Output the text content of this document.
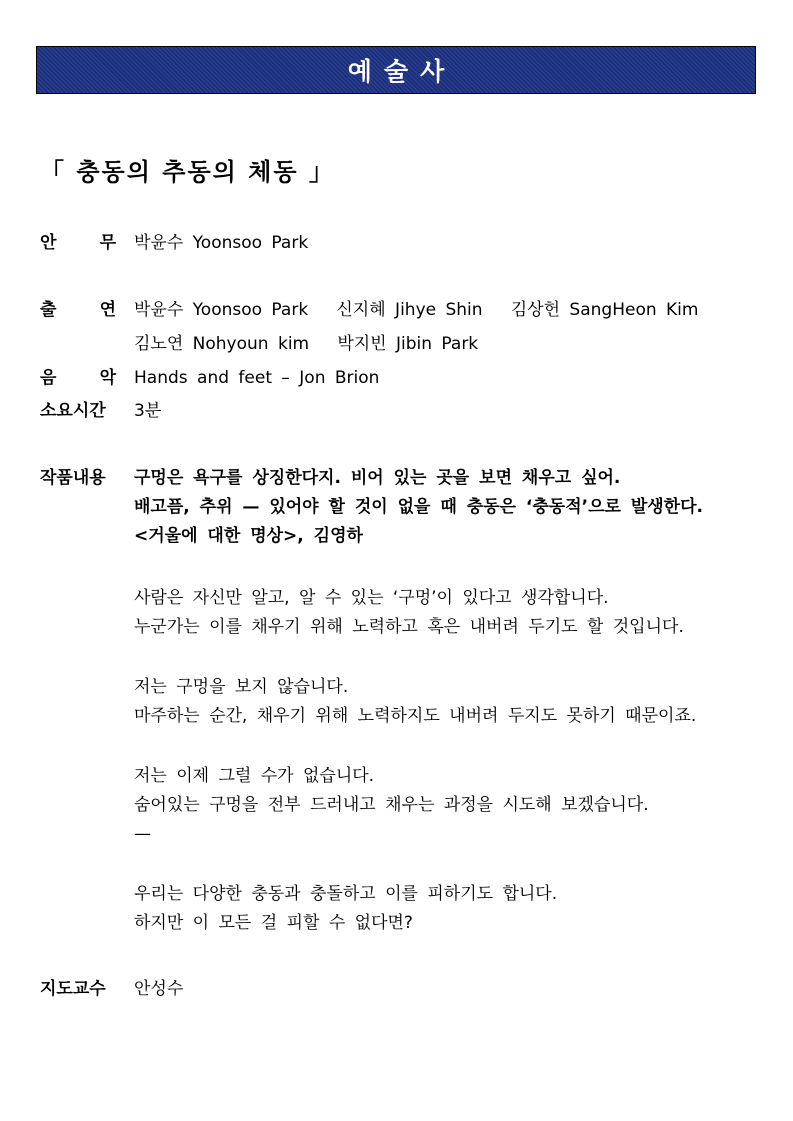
예술사
「 충동의 추동의 체동 」
안	무 박윤수 Yoonsoo Park
출	연 박윤수 Yoonsoo Park   신지혜 Jihye Shin   김상헌 SangHeon Kim
김노연 Nohyoun kim   박지빈 Jibin Park
음	악 Hands and feet – Jon Brion
소요시간	3분
작품내용	구멍은 욕구를 상징한다지. 비어 있는 곳을 보면 채우고 싶어.
배고픔, 추위 — 있어야 할 것이 없을 때 충동은 ‘충동적’으로 발생한다.
<거울에 대한 명상>, 김영하
사람은 자신만 알고, 알 수 있는 ‘구멍’이 있다고 생각합니다.
누군가는 이를 채우기 위해 노력하고 혹은 내버려 두기도 할 것입니다.
저는 구멍을 보지 않습니다.
마주하는 순간, 채우기 위해 노력하지도 내버려 두지도 못하기 때문이죠.
저는 이제 그럴 수가 없습니다.
숨어있는 구멍을 전부 드러내고 채우는 과정을 시도해 보겠습니다.
—
우리는 다양한 충동과 충돌하고 이를 피하기도 합니다.
하지만 이 모든 걸 피할 수 없다면?
지도교수	안성수
